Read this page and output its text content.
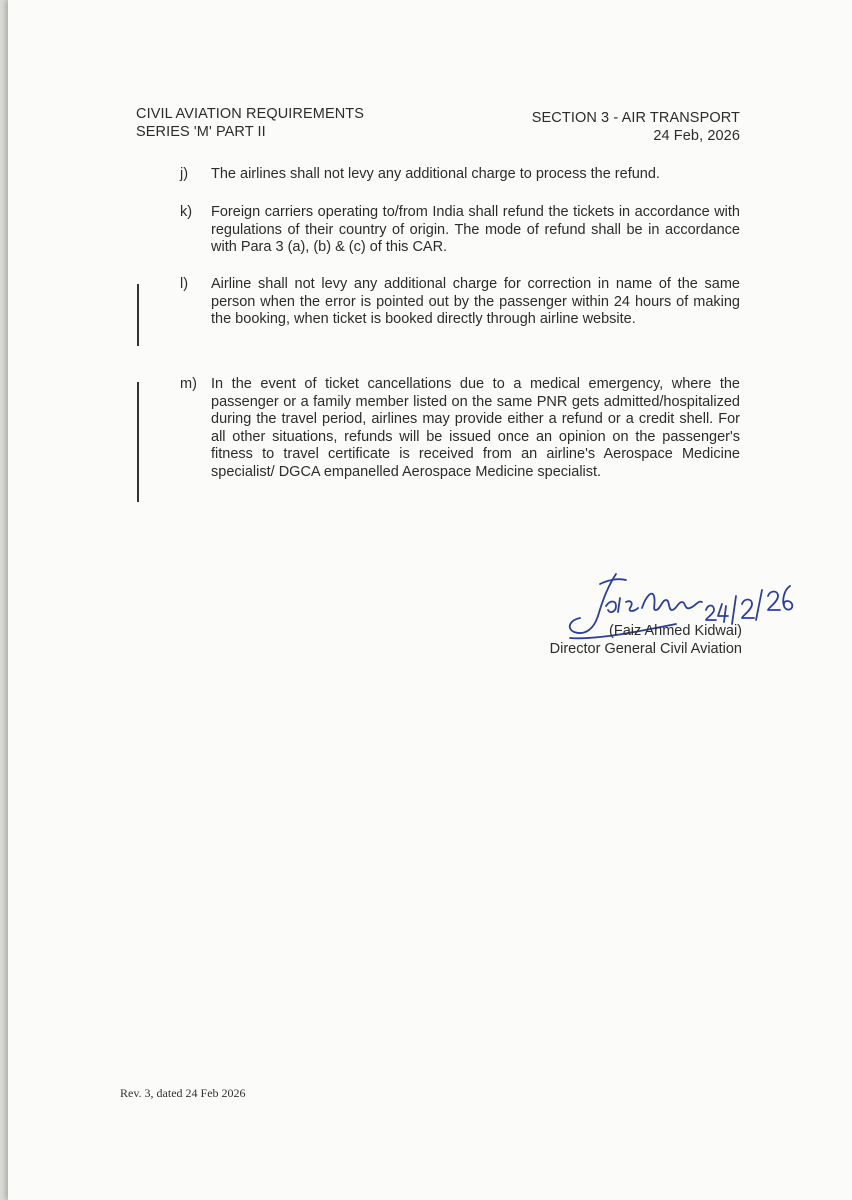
CIVIL AVIATION REQUIREMENTS
SERIES 'M' PART II
SECTION 3 - AIR TRANSPORT
24 Feb, 2026
j)	The airlines shall not levy any additional charge to process the refund.
k)	Foreign carriers operating to/from India shall refund the tickets in accordance with regulations of their country of origin. The mode of refund shall be in accordance with Para 3 (a), (b) & (c) of this CAR.
l)	Airline shall not levy any additional charge for correction in name of the same person when the error is pointed out by the passenger within 24 hours of making the booking, when ticket is booked directly through airline website.
m) In the event of ticket cancellations due to a medical emergency, where the passenger or a family member listed on the same PNR gets admitted/hospitalized during the travel period, airlines may provide either a refund or a credit shell. For all other situations, refunds will be issued once an opinion on the passenger's fitness to travel certificate is received from an airline's Aerospace Medicine specialist/ DGCA empanelled Aerospace Medicine specialist.
(Faiz Ahmed Kidwai)
Director General Civil Aviation
Rev. 3, dated 24 Feb 2026
